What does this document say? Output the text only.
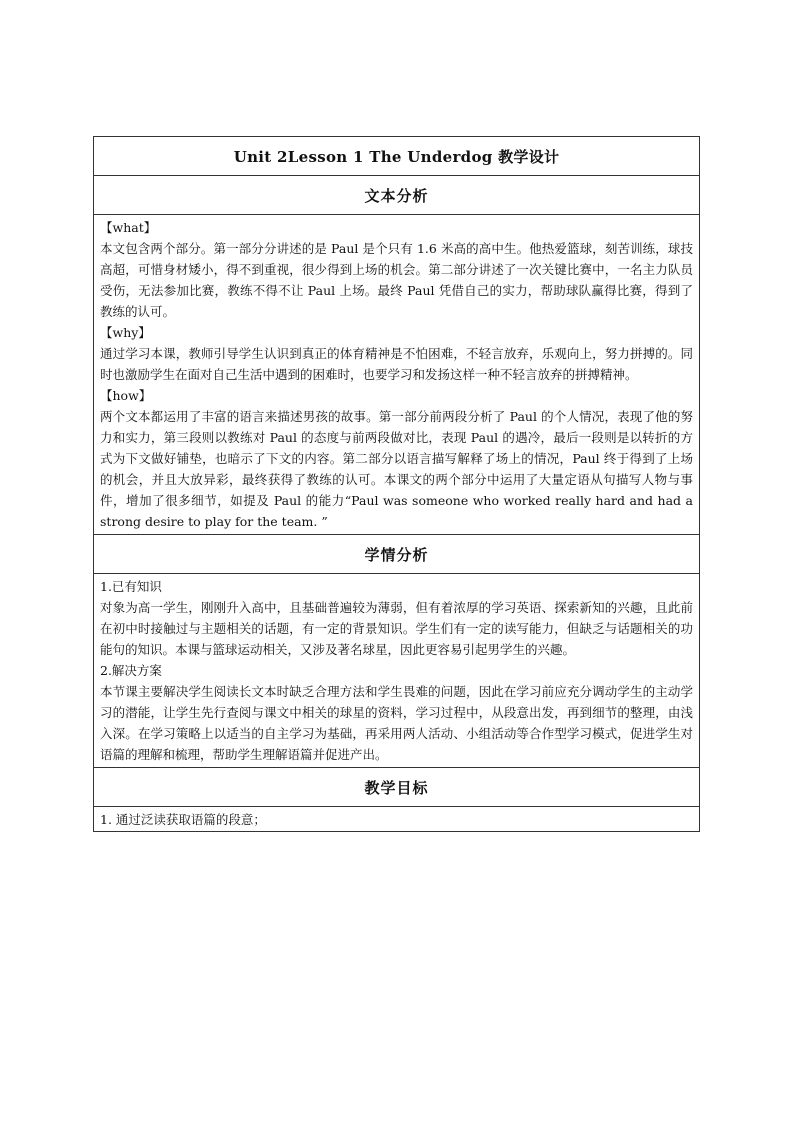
Unit 2Lesson 1 The Underdog 教学设计
文本分析

【what】

本文包含两个部分。第一部分分讲述的是 Paul 是个只有 1.6 米高的高中生。他热爱篮球，刻苦训练，球技高超，可惜身材矮小，得不到重视，很少得到上场的机会。第二部分讲述了一次关键比赛中，一名主力队员受伤，无法参加比赛，教练不得不让 Paul 上场。最终 Paul 凭借自己的实力，帮助球队赢得比赛，得到了教练的认可。

【why】

通过学习本课，教师引导学生认识到真正的体育精神是不怕困难，不轻言放弃，乐观向上，努力拼搏的。同时也激励学生在面对自己生活中遇到的困难时，也要学习和发扬这样一种不轻言放弃的拼搏精神。

【how】

两个文本都运用了丰富的语言来描述男孩的故事。第一部分前两段分析了 Paul 的个人情况，表现了他的努力和实力，第三段则以教练对 Paul 的态度与前两段做对比，表现 Paul 的遇冷，最后一段则是以转折的方式为下文做好铺垫，也暗示了下文的内容。第二部分以语言描写解释了场上的情况，Paul 终于得到了上场的机会，并且大放异彩，最终获得了教练的认可。本课文的两个部分中运用了大量定语从句描写人物与事件，增加了很多细节，如提及 Paul 的能力“Paul was someone who worked really hard and had a strong desire to play for the team. ”

学情分析

1.已有知识

对象为高一学生，刚刚升入高中，且基础普遍较为薄弱，但有着浓厚的学习英语、探索新知的兴趣，且此前在初中时接触过与主题相关的话题，有一定的背景知识。学生们有一定的读写能力，但缺乏与话题相关的功能句的知识。本课与篮球运动相关，又涉及著名球星，因此更容易引起男学生的兴趣。

2.解决方案

本节课主要解决学生阅读长文本时缺乏合理方法和学生畏难的问题，因此在学习前应充分调动学生的主动学习的潜能，让学生先行查阅与课文中相关的球星的资料，学习过程中，从段意出发，再到细节的整理，由浅入深。在学习策略上以适当的自主学习为基础，再采用两人活动、小组活动等合作型学习模式，促进学生对语篇的理解和梳理，帮助学生理解语篇并促进产出。

教学目标
1. 通过泛读获取语篇的段意；
